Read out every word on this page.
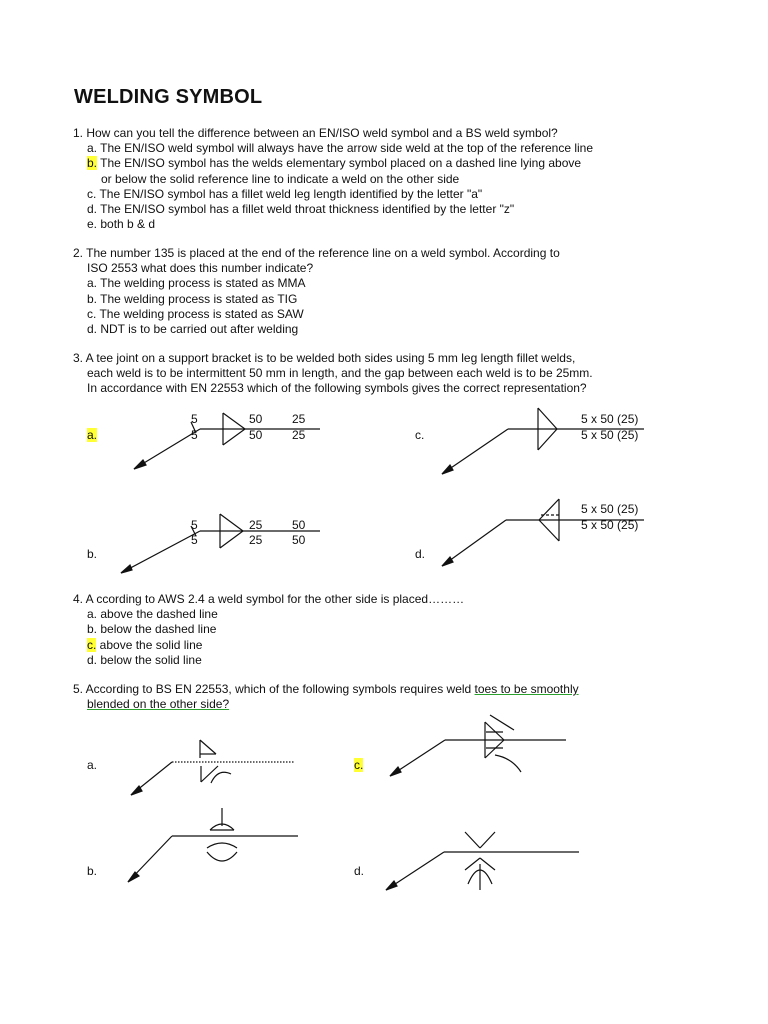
WELDING SYMBOL

1. How can you tell the difference between an EN/ISO weld symbol and a BS weld symbol?

a. The EN/ISO weld symbol will always have the arrow side weld at the top of the reference line

b. The EN/ISO symbol has the welds elementary symbol placed on a dashed line lying above

or below the solid reference line to indicate a weld on the other side

c. The EN/ISO symbol has a fillet weld leg length identified by the letter "a"

d. The EN/ISO symbol has a fillet weld throat thickness identified by the letter "z"

e. both b & d

2. The number 135 is placed at the end of the reference line on a weld symbol. According to

ISO 2553 what does this number indicate?

a. The welding process is stated as MMA

b. The welding process is stated as TIG

c. The welding process is stated as SAW

d. NDT is to be carried out after welding

3. A tee joint on a support bracket is to be welded both sides using 5 mm leg length fillet welds,

each weld is to be intermittent 50 mm in length, and the gap between each weld is to be 25mm.

In accordance with EN 22553 which of the following symbols gives the correct representation?

a.
5	50 25
5	50 25	c.
5 x 50 (25)
5 x 50 (25)
b.
5	25 50
5	25 50
d.
5 x 50 (25)
5 x 50 (25)

4. A ccording to AWS 2.4 a weld symbol for the other side is placed………

a. above the dashed line

b. below the dashed line

c. above the solid line

d. below the solid line

5. According to BS EN 22553, which of the following symbols requires weld toes to be smoothly

blended on the other side?

a.	c.
b.	d.
